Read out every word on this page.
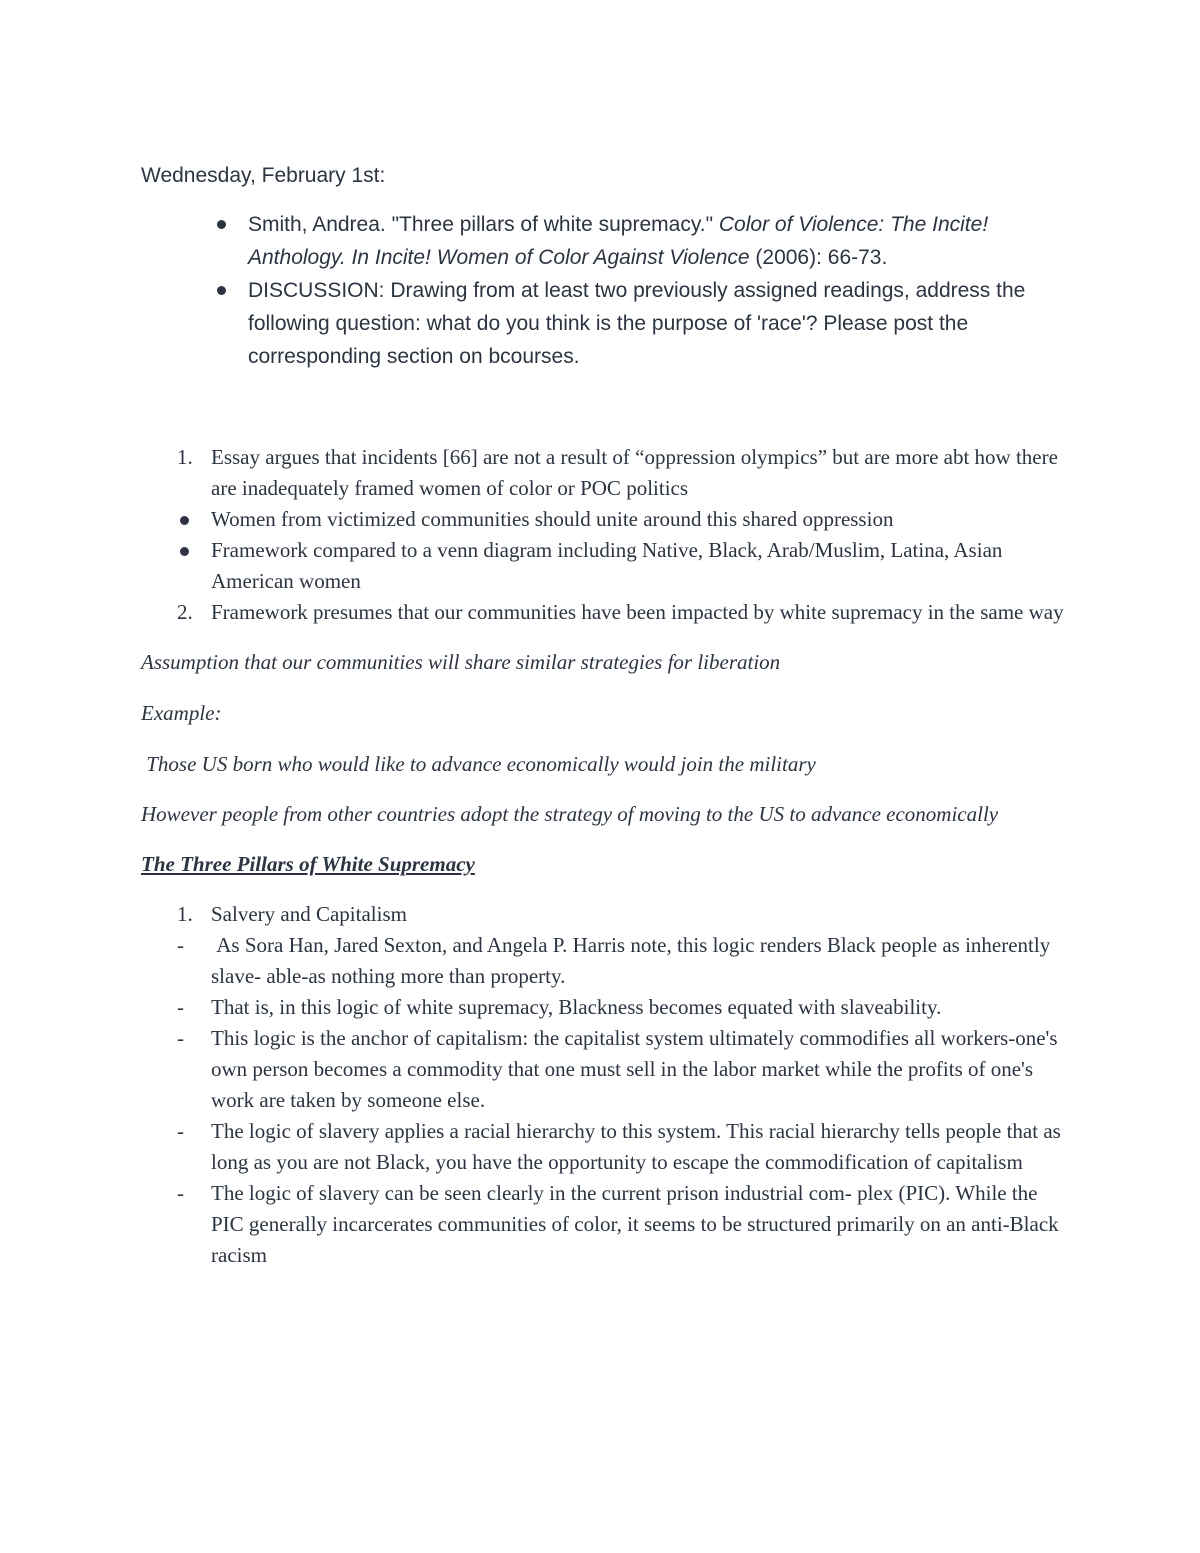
Wednesday, February 1st:

Smith, Andrea. "Three pillars of white supremacy." Color of Violence: The Incite! Anthology. In Incite! Women of Color Against Violence (2006): 66-73.
DISCUSSION: Drawing from at least two previously assigned readings, address the following question: what do you think is the purpose of 'race'? Please post the corresponding section on bcourses.
1. Essay argues that incidents [66] are not a result of “oppression olympics” but are more abt how there are inadequately framed women of color or POC politics
Women from victimized communities should unite around this shared oppression
Framework compared to a venn diagram including Native, Black, Arab/Muslim, Latina, Asian American women
2. Framework presumes that our communities have been impacted by white supremacy in the same way

Assumption that our communities will share similar strategies for liberation

Example:

Those US born who would like to advance economically would join the military

However people from other countries adopt the strategy of moving to the US to advance economically

The Three Pillars of White Supremacy

1. Salvery and Capitalism
- As Sora Han, Jared Sexton, and Angela P. Harris note, this logic renders Black people as inherently slave- able-as nothing more than property.
- That is, in this logic of white supremacy, Blackness becomes equated with slaveability.
- This logic is the anchor of capitalism: the capitalist system ultimately commodifies all workers-one's own person becomes a commodity that one must sell in the labor market while the profits of one's work are taken by someone else.
- The logic of slavery applies a racial hierarchy to this system. This racial hierarchy tells people that as long as you are not Black, you have the opportunity to escape the commodification of capitalism
- The logic of slavery can be seen clearly in the current prison industrial com- plex (PIC). While the PIC generally incarcerates communities of color, it seems to be structured primarily on an anti-Black racism
